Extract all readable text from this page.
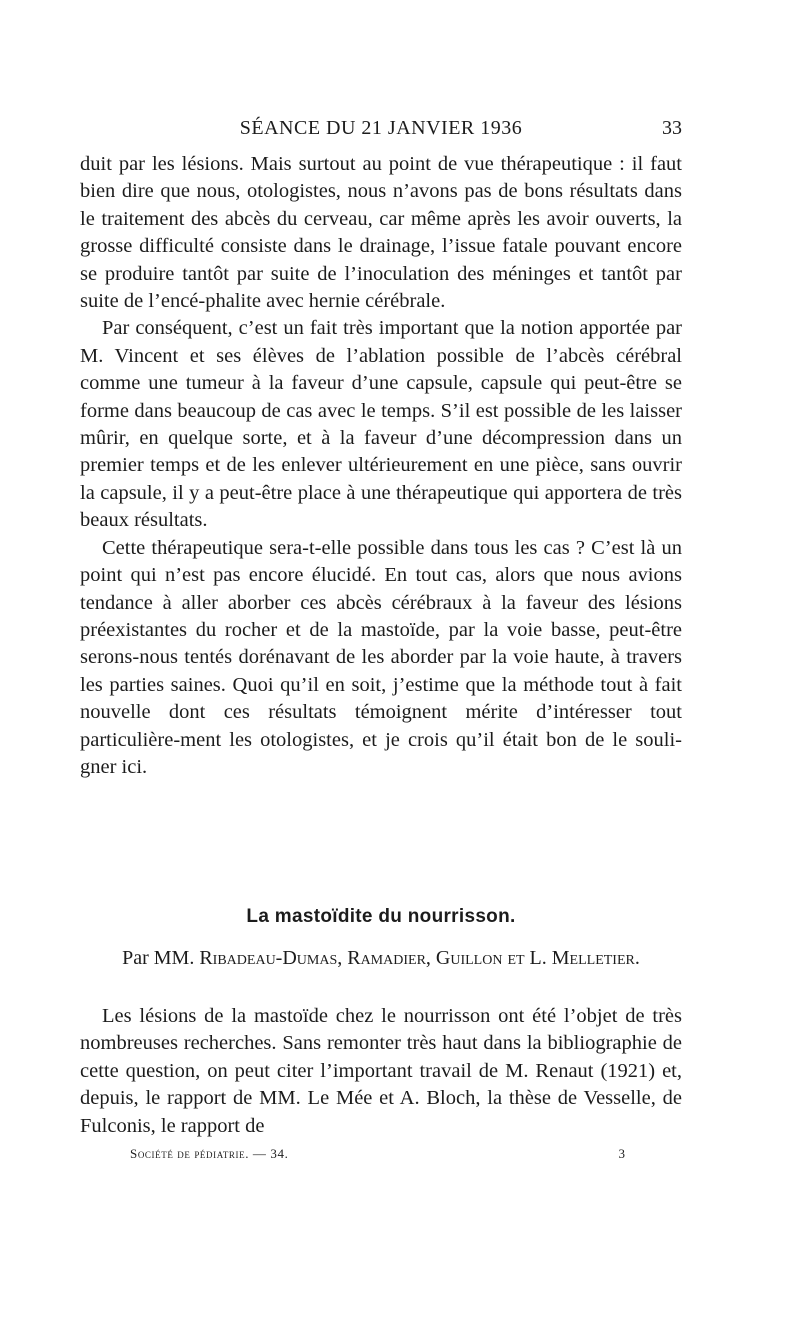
SÉANCE DU 21 JANVIER 1936	33

duit par les lésions. Mais surtout au point de vue thérapeutique : il faut bien dire que nous, otologistes, nous n’avons pas de bons résultats dans le traitement des abcès du cerveau, car même après les avoir ouverts, la grosse difficulté consiste dans le drainage, l’issue fatale pouvant encore se produire tantôt par suite de l’inoculation des méninges et tantôt par suite de l’encé-phalite avec hernie cérébrale.

Par conséquent, c’est un fait très important que la notion apportée par M. Vincent et ses élèves de l’ablation possible de l’abcès cérébral comme une tumeur à la faveur d’une capsule, capsule qui peut-être se forme dans beaucoup de cas avec le temps. S’il est possible de les laisser mûrir, en quelque sorte, et à la faveur d’une décompression dans un premier temps et de les enlever ultérieurement en une pièce, sans ouvrir la capsule, il y a peut-être place à une thérapeutique qui apportera de très beaux résultats.

Cette thérapeutique sera-t-elle possible dans tous les cas ? C’est là un point qui n’est pas encore élucidé. En tout cas, alors que nous avions tendance à aller aborber ces abcès cérébraux à la faveur des lésions préexistantes du rocher et de la mastoïde, par la voie basse, peut-être serons-nous tentés dorénavant de les aborder par la voie haute, à travers les parties saines. Quoi qu’il en soit, j’estime que la méthode tout à fait nouvelle dont ces résultats témoignent mérite d’intéresser tout particulière-ment les otologistes, et je crois qu’il était bon de le souli-gner ici.

La mastoïdite du nourrisson.
Par MM. Ribadeau-Dumas, Ramadier, Guillon et L. Melletier.

Les lésions de la mastoïde chez le nourrisson ont été l’objet de très nombreuses recherches. Sans remonter très haut dans la bibliographie de cette question, on peut citer l’important travail de M. Renaut (1921) et, depuis, le rapport de MM. Le Mée et A. Bloch, la thèse de Vesselle, de Fulconis, le rapport de

Société de pédiatrie. — 34.	3
